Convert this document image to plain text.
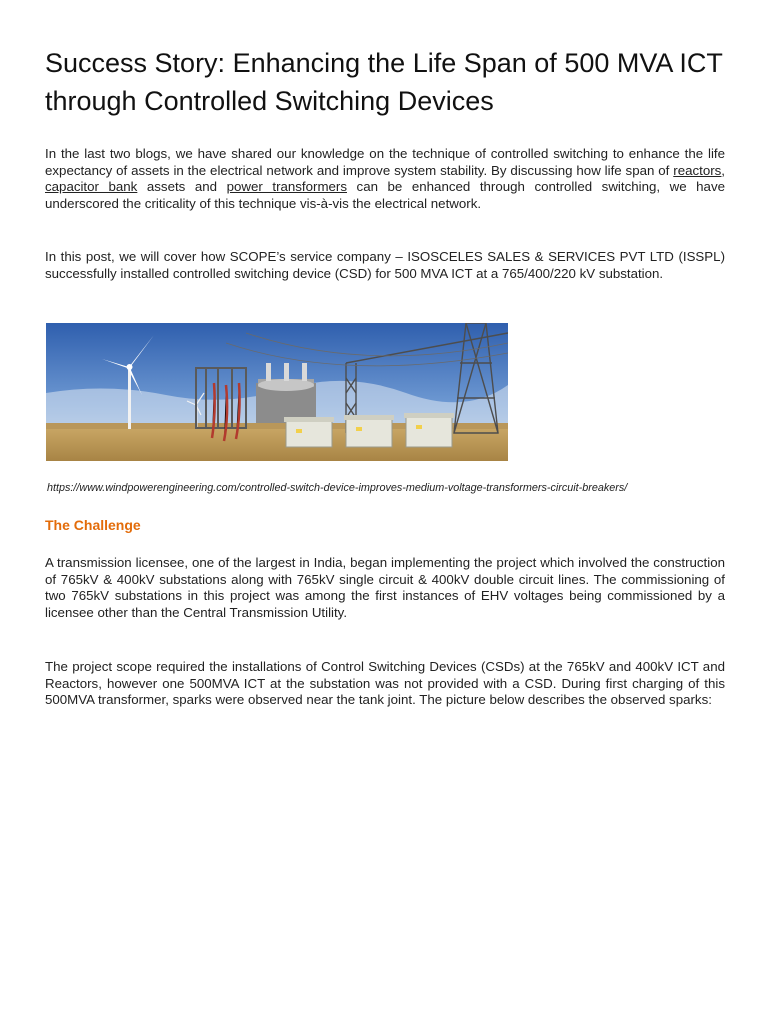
Success Story: Enhancing the Life Span of 500 MVA ICT through Controlled Switching Devices

In the last two blogs, we have shared our knowledge on the technique of controlled switching to enhance the life expectancy of assets in the electrical network and improve system stability. By discussing how life span of reactors, capacitor bank assets and power transformers can be enhanced through controlled switching, we have underscored the criticality of this technique vis-à-vis the electrical network.

In this post, we will cover how SCOPE’s service company – ISOSCELES SALES & SERVICES PVT LTD (ISSPL) successfully installed controlled switching device (CSD) for 500 MVA ICT at a 765/400/220 kV substation.

https://www.windpowerengineering.com/controlled-switch-device-improves-medium-voltage-transformers-circuit-breakers/
The Challenge

A transmission licensee, one of the largest in India, began implementing the project which involved the construction of 765kV & 400kV substations along with 765kV single circuit & 400kV double circuit lines. The commissioning of two 765kV substations in this project was among the first instances of EHV voltages being commissioned by a licensee other than the Central Transmission Utility.

The project scope required the installations of Control Switching Devices (CSDs) at the 765kV and 400kV ICT and Reactors, however one 500MVA ICT at the substation was not provided with a CSD. During first charging of this 500MVA transformer, sparks were observed near the tank joint. The picture below describes the observed sparks:
